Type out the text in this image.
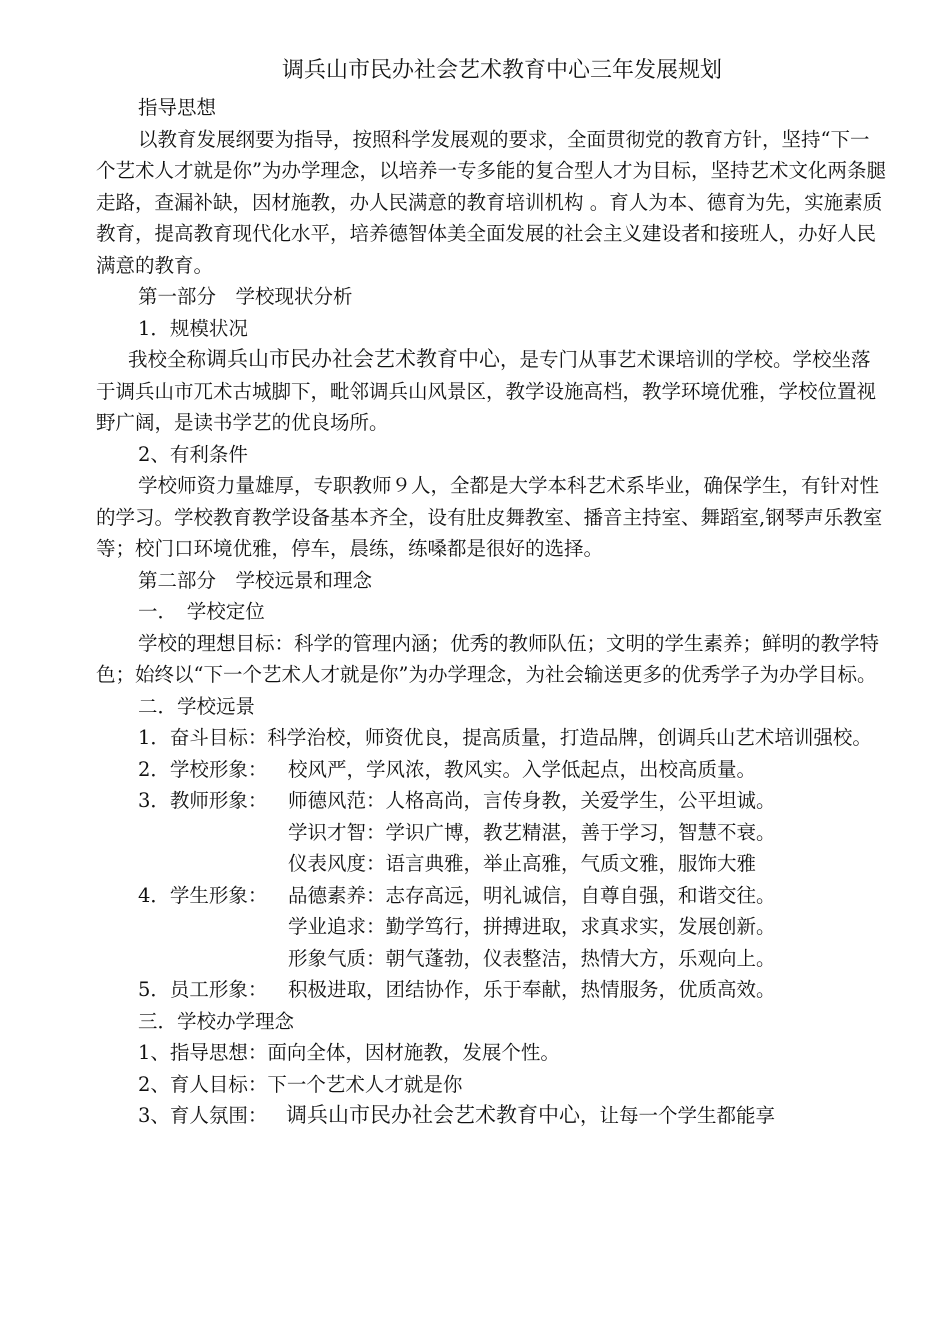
调兵山市民办社会艺术教育中心三年发展规划

指导思想

以教育发展纲要为指导，按照科学发展观的要求，全面贯彻党的教育方针，坚持“下一个艺术人才就是你”为办学理念，以培养一专多能的复合型人才为目标，坚持艺术文化两条腿走路，查漏补缺，因材施教，办人民满意的教育培训机构 。育人为本、德育为先，实施素质教育，提高教育现代化水平，培养德智体美全面发展的社会主义建设者和接班人，办好人民满意的教育。

第一部分　学校现状分析

1．规模状况

我校全称调兵山市民办社会艺术教育中心，是专门从事艺术课培训的学校。学校坐落于调兵山市兀术古城脚下，毗邻调兵山风景区，教学设施高档，教学环境优雅，学校位置视野广阔，是读书学艺的优良场所。

2、有利条件

学校师资力量雄厚，专职教师９人，全都是大学本科艺术系毕业，确保学生，有针对性的学习。学校教育教学设备基本齐全，设有肚皮舞教室、播音主持室、舞蹈室,钢琴声乐教室等；校门口环境优雅，停车，晨练，练嗓都是很好的选择。

第二部分　学校远景和理念

一．　学校定位

学校的理想目标：科学的管理内涵；优秀的教师队伍；文明的学生素养；鲜明的教学特色；始终以“下一个艺术人才就是你”为办学理念，为社会输送更多的优秀学子为办学目标。

二．学校远景

1．奋斗目标：科学治校，师资优良，提高质量，打造品牌，创调兵山艺术培训强校。

2．学校形象：	校风严，学风浓，教风实。入学低起点，出校高质量。
3．教师形象：	师德风范：人格高尚，言传身教，关爱学生，公平坦诚。
学识才智：学识广博，教艺精湛，善于学习，智慧不衰。
仪表风度：语言典雅，举止高雅，气质文雅，服饰大雅
4．学生形象：	品德素养：志存高远，明礼诚信，自尊自强，和谐交往。
学业追求：勤学笃行，拼搏进取，求真求实，发展创新。
形象气质：朝气蓬勃，仪表整洁，热情大方，乐观向上。
5．员工形象：	积极进取，团结协作，乐于奉献，热情服务，优质高效。

三．学校办学理念

1、指导思想：面向全体，因材施教，发展个性。

2、育人目标：下一个艺术人才就是你

3、育人氛围： 调兵山市民办社会艺术教育中心，让每一个学生都能享
